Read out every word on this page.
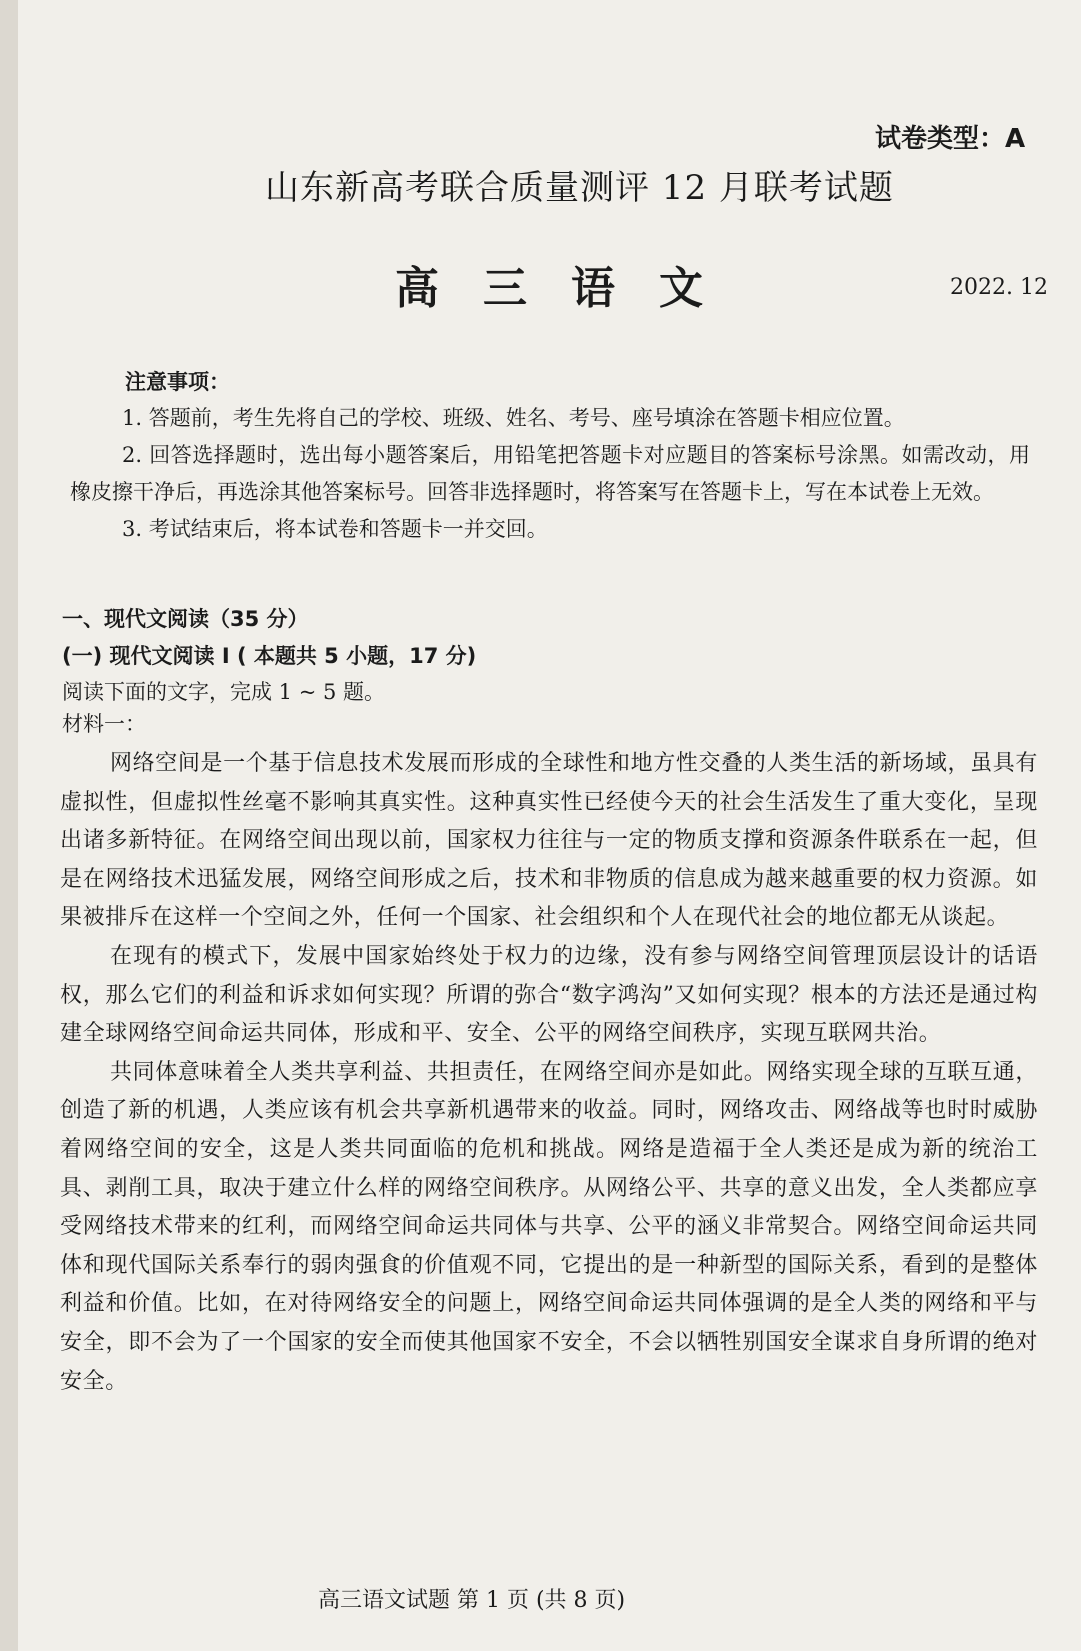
试卷类型：A
山东新高考联合质量测评 12 月联考试题
高三语文	2022. 12
注意事项：

1. 答题前，考生先将自己的学校、班级、姓名、考号、座号填涂在答题卡相应位置。

2. 回答选择题时，选出每小题答案后，用铅笔把答题卡对应题目的答案标号涂黑。如需改动，用橡皮擦干净后，再选涂其他答案标号。回答非选择题时，将答案写在答题卡上，写在本试卷上无效。

3. 考试结束后，将本试卷和答题卡一并交回。

一、现代文阅读（35 分）
(一) 现代文阅读 I ( 本题共 5 小题，17 分)
阅读下面的文字，完成 1 ~ 5 题。
材料一：

网络空间是一个基于信息技术发展而形成的全球性和地方性交叠的人类生活的新场域，虽具有虚拟性，但虚拟性丝毫不影响其真实性。这种真实性已经使今天的社会生活发生了重大变化，呈现出诸多新特征。在网络空间出现以前，国家权力往往与一定的物质支撑和资源条件联系在一起，但是在网络技术迅猛发展，网络空间形成之后，技术和非物质的信息成为越来越重要的权力资源。如果被排斥在这样一个空间之外，任何一个国家、社会组织和个人在现代社会的地位都无从谈起。

在现有的模式下，发展中国家始终处于权力的边缘，没有参与网络空间管理顶层设计的话语权，那么它们的利益和诉求如何实现？所谓的弥合“数字鸿沟”又如何实现？根本的方法还是通过构建全球网络空间命运共同体，形成和平、安全、公平的网络空间秩序，实现互联网共治。

共同体意味着全人类共享利益、共担责任，在网络空间亦是如此。网络实现全球的互联互通，创造了新的机遇，人类应该有机会共享新机遇带来的收益。同时，网络攻击、网络战等也时时威胁着网络空间的安全，这是人类共同面临的危机和挑战。网络是造福于全人类还是成为新的统治工具、剥削工具，取决于建立什么样的网络空间秩序。从网络公平、共享的意义出发，全人类都应享受网络技术带来的红利，而网络空间命运共同体与共享、公平的涵义非常契合。网络空间命运共同体和现代国际关系奉行的弱肉强食的价值观不同，它提出的是一种新型的国际关系，看到的是整体利益和价值。比如，在对待网络安全的问题上，网络空间命运共同体强调的是全人类的网络和平与安全，即不会为了一个国家的安全而使其他国家不安全，不会以牺牲别国安全谋求自身所谓的绝对安全。

高三语文试题 第 1 页 (共 8 页)
